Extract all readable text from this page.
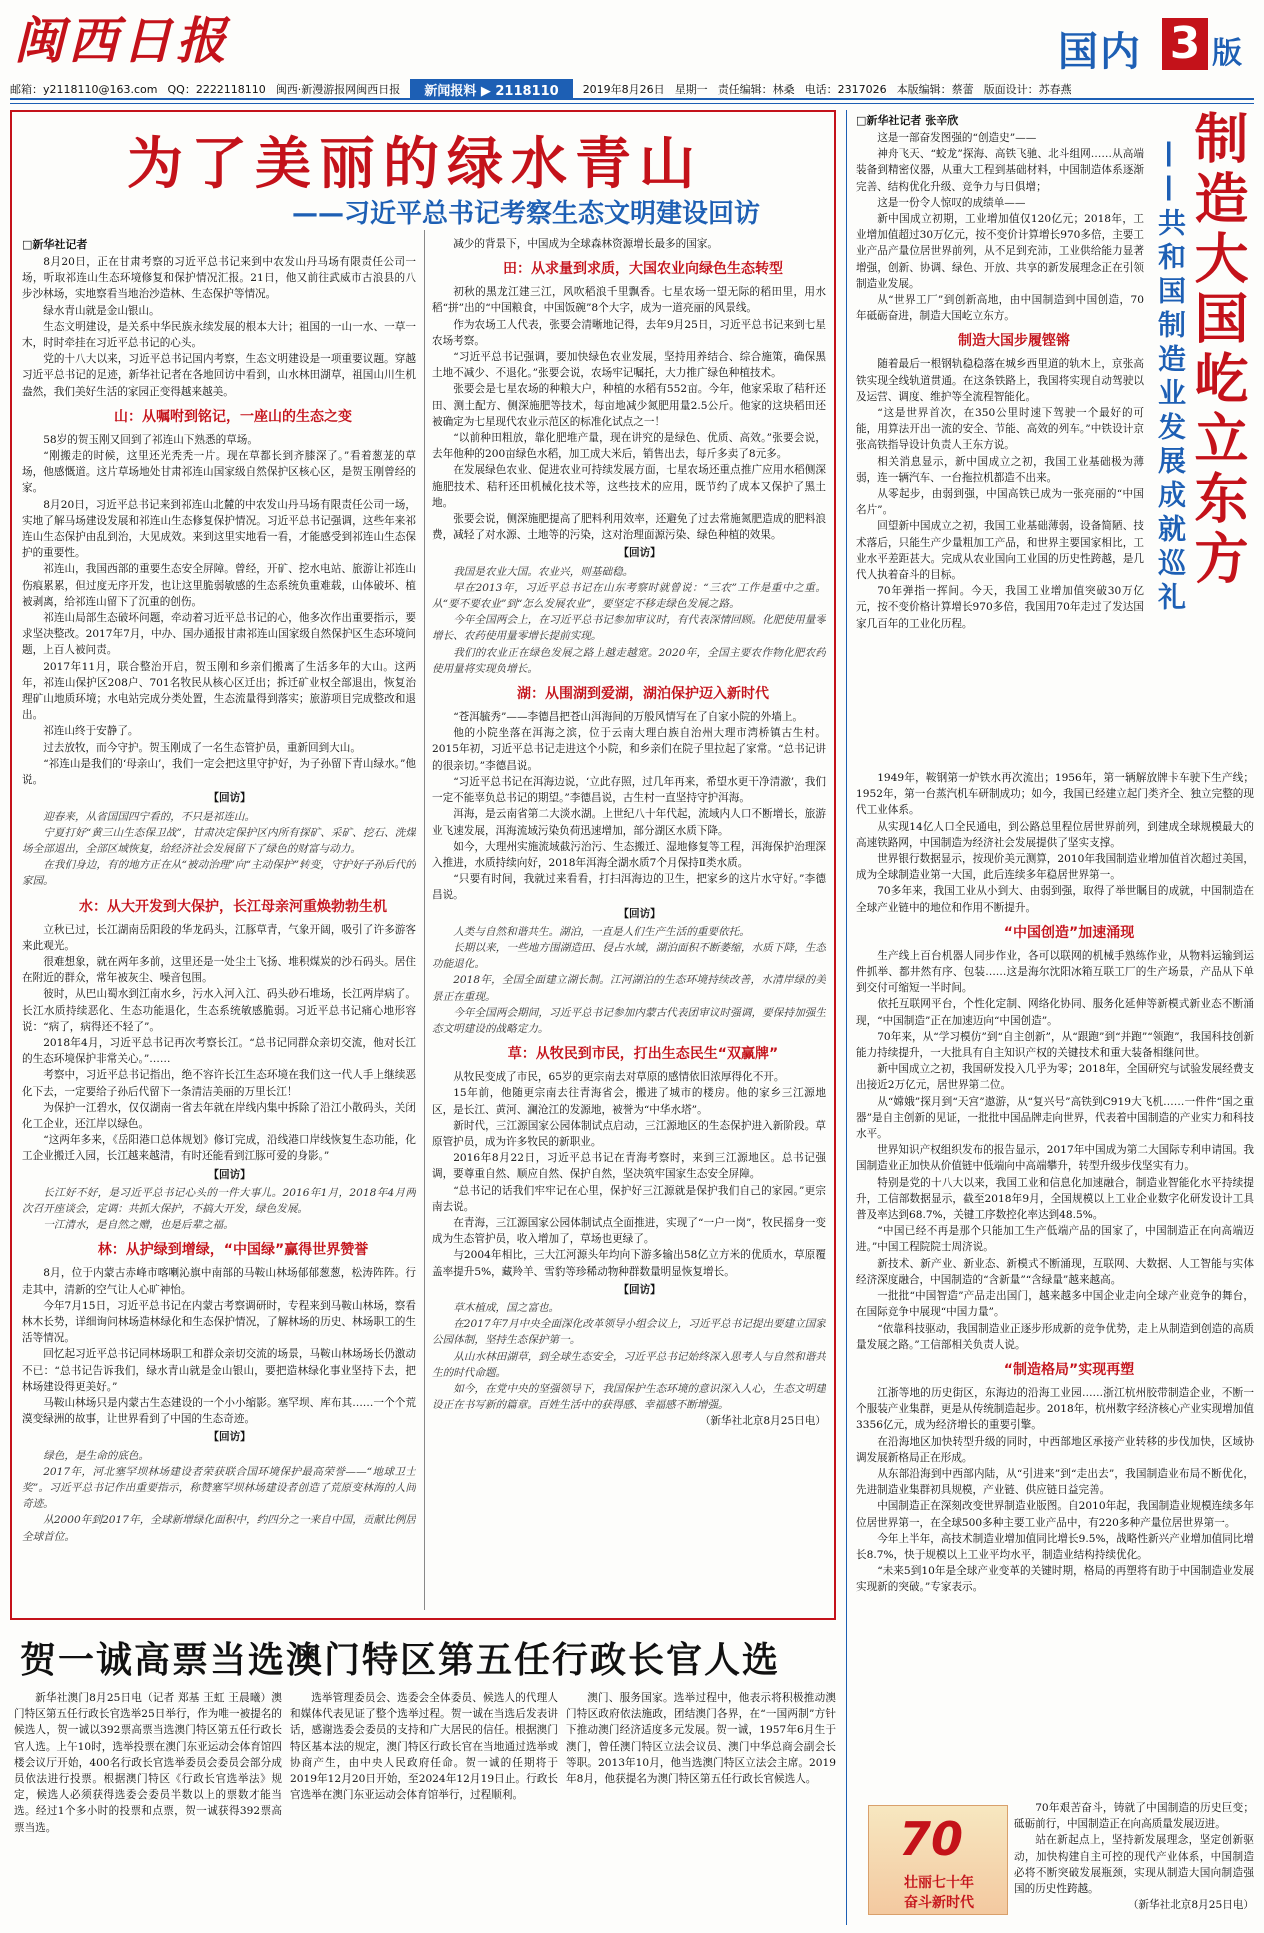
闽西日报	国内 3 版
邮箱：y2118110@163.com QQ：2222118110 闽西·新漫游报网闽西日报	新闻报料 ▶ 2118110	2019年8月26日 星期一 责任编辑：林桑 电话：2317026 本版编辑：蔡蕾 版面设计：苏春燕
为了美丽的绿水青山
——习近平总书记考察生态文明建设回访
□新华社记者

8月20日，正在甘肃考察的习近平总书记来到中农发山丹马场有限责任公司一场，听取祁连山生态环境修复和保护情况汇报。21日，他又前往武威市古浪县的八步沙林场，实地察看当地治沙造林、生态保护等情况。

绿水青山就是金山银山。

生态文明建设，是关系中华民族永续发展的根本大计；祖国的一山一水、一草一木，时时牵挂在习近平总书记的心头。

党的十八大以来，习近平总书记国内考察，生态文明建设是一项重要议题。穿越习近平总书记的足迹，新华社记者在各地回访中看到，山水林田湖草，祖国山川生机盎然，我们美好生活的家园正变得越来越美。

山：从嘱咐到铭记，一座山的生态之变

58岁的贺玉刚又回到了祁连山下熟悉的草场。

“刚搬走的时候，这里还光秃秃一片。现在草都长到齐膝深了。”看着葱茏的草场，他感慨道。这片草场地处甘肃祁连山国家级自然保护区核心区，是贺玉刚曾经的家。

8月20日，习近平总书记来到祁连山北麓的中农发山丹马场有限责任公司一场，实地了解马场建设发展和祁连山生态修复保护情况。习近平总书记强调，这些年来祁连山生态保护由乱到治，大见成效。来到这里实地看一看，才能感受到祁连山生态保护的重要性。

祁连山，我国西部的重要生态安全屏障。曾经，开矿、挖水电站、旅游让祁连山伤痕累累，但过度无序开发，也让这里脆弱敏感的生态系统负重难载，山体破坏、植被剥离，给祁连山留下了沉重的创伤。

祁连山局部生态破坏问题，牵动着习近平总书记的心，他多次作出重要指示，要求坚决整改。2017年7月，中办、国办通报甘肃祁连山国家级自然保护区生态环境问题，上百人被问责。

2017年11月，联合整治开启，贺玉刚和乡亲们搬离了生活多年的大山。这两年，祁连山保护区208户、701名牧民从核心区迁出；拆迁矿业权全部退出，恢复治理矿山地质环境；水电站完成分类处置，生态流量得到落实；旅游项目完成整改和退出。

祁连山终于安静了。

过去放牧，而今守护。贺玉刚成了一名生态管护员，重新回到大山。

“祁连山是我们的‘母亲山’，我们一定会把这里守护好，为子孙留下青山绿水。”他说。

【回访】

迎春来，从省国国四宁看的，不只是祁连山。

宁夏打好“黄三山生态保卫战”，甘肃决定保护区内所有探矿、采矿、挖石、洗煤场全部退出，全部区域恢复，给经济社会发展留下了绿色的财富与动力。

在我们身边，有的地方正在从“被动治理”向“主动保护”转变，守护好子孙后代的家园。

水：从大开发到大保护，长江母亲河重焕勃勃生机

立秋已过，长江湖南岳阳段的华龙码头，江豚草青，气象开阔，吸引了许多游客来此观光。

很难想象，就在两年多前，这里还是一处尘土飞扬、堆积煤炭的沙石码头。居住在附近的群众，常年被灰尘、噪音包围。

彼时，从巴山蜀水到江南水乡，污水入河入江、码头砂石堆场，长江两岸病了。长江水质持续恶化、生态功能退化，生态系统敏感脆弱。习近平总书记痛心地形容说：“病了，病得还不轻了”。

2018年4月，习近平总书记再次考察长江。“总书记同群众亲切交流，他对长江的生态环境保护非常关心。”……

考察中，习近平总书记指出，绝不容许长江生态环境在我们这一代人手上继续恶化下去，一定要给子孙后代留下一条清洁美丽的万里长江！

为保护一江碧水，仅仅湖南一省去年就在岸线内集中拆除了沿江小散码头，关闭化工企业，还江岸以绿色。

“这两年多来，《岳阳港口总体规划》修订完成，沿线港口岸线恢复生态功能，化工企业搬迁入园，长江越来越清，有时还能看到江豚可爱的身影。”

【回访】

长江好不好，是习近平总书记心头的一件大事儿。2016年1月，2018年4月两次召开座谈会，定调：共抓大保护，不搞大开发，绿色发展。

一江清水，是自然之赠，也是后辈之福。

林：从护绿到增绿，“中国绿”赢得世界赞誉

8月，位于内蒙古赤峰市喀喇沁旗中南部的马鞍山林场郁郁葱葱，松涛阵阵。行走其中，清新的空气让人心旷神怡。

今年7月15日，习近平总书记在内蒙古考察调研时，专程来到马鞍山林场，察看林木长势，详细询问林场造林绿化和生态保护情况，了解林场的历史、林场职工的生活等情况。

回忆起习近平总书记同林场职工和群众亲切交流的场景，马鞍山林场场长仍激动不已：“总书记告诉我们，绿水青山就是金山银山，要把造林绿化事业坚持下去，把林场建设得更美好。”

马鞍山林场只是内蒙古生态建设的一个小小缩影。塞罕坝、库布其……一个个荒漠变绿洲的故事，让世界看到了中国的生态奇迹。

【回访】

绿色，是生命的底色。

2017年，河北塞罕坝林场建设者荣获联合国环境保护最高荣誉——“地球卫士奖”。习近平总书记作出重要指示，称赞塞罕坝林场建设者创造了荒原变林海的人间奇迹。

从2000年到2017年，全球新增绿化面积中，约四分之一来自中国，贡献比例居全球首位。

减少的背景下，中国成为全球森林资源增长最多的国家。

田：从求量到求质，大国农业向绿色生态转型

初秋的黑龙江建三江，风吹稻浪千里飘香。七星农场一望无际的稻田里，用水稻“拼”出的“中国粮食，中国饭碗”8个大字，成为一道亮丽的风景线。

作为农场工人代表，张要会清晰地记得，去年9月25日，习近平总书记来到七星农场考察。

“习近平总书记强调，要加快绿色农业发展，坚持用养结合、综合施策，确保黑土地不减少、不退化。”张要会说，农场牢记嘱托，大力推广绿色种植技术。

张要会是七星农场的种粮大户，种植的水稻有552亩。今年，他家采取了秸秆还田、测土配方、侧深施肥等技术，每亩地减少氮肥用量2.5公斤。他家的这块稻田还被确定为七星现代农业示范区的标准化试点之一！

“以前种田粗放，靠化肥堆产量，现在讲究的是绿色、优质、高效。”张要会说，去年他种的200亩绿色水稻，加工成大米后，销售出去，每斤多卖了8元多。

在发展绿色农业、促进农业可持续发展方面，七星农场还重点推广应用水稻侧深施肥技术、秸秆还田机械化技术等，这些技术的应用，既节约了成本又保护了黑土地。

张要会说，侧深施肥提高了肥料利用效率，还避免了过去常施氮肥造成的肥料浪费，减轻了对水源、土地等的污染，这对治理面源污染、绿色种植的效果。

【回访】

我国是农业大国。农业兴，则基础稳。

早在2013年，习近平总书记在山东考察时就曾说：“三农”工作是重中之重。从“要不要农业”到“怎么发展农业”，要坚定不移走绿色发展之路。

今年全国两会上，在习近平总书记参加审议时，有代表深情回顾。化肥使用量零增长、农药使用量零增长提前实现。

我们的农业正在绿色发展之路上越走越宽。2020年，全国主要农作物化肥农药使用量将实现负增长。

湖：从围湖到爱湖，湖泊保护迈入新时代

“苍洱毓秀”——李德昌把苍山洱海间的万般风情写在了自家小院的外墙上。

他的小院坐落在洱海之滨，位于云南大理白族自治州大理市湾桥镇古生村。2015年初，习近平总书记走进这个小院，和乡亲们在院子里拉起了家常。“总书记讲的很亲切。”李德昌说。

“习近平总书记在洱海边说，‘立此存照，过几年再来，希望水更干净清澈’，我们一定不能辜负总书记的期望。”李德昌说，古生村一直坚持守护洱海。

洱海，是云南省第二大淡水湖。上世纪八十年代起，流域内人口不断增长，旅游业飞速发展，洱海流域污染负荷迅速增加，部分湖区水质下降。

如今，大理州实施流域截污治污、生态搬迁、湿地修复等工程，洱海保护治理深入推进，水质持续向好，2018年洱海全湖水质7个月保持Ⅱ类水质。

“只要有时间，我就过来看看，打扫洱海边的卫生，把家乡的这片水守好。”李德昌说。

【回访】

人类与自然和谐共生。湖泊，一直是人们生产生活的重要依托。

长期以来，一些地方围湖造田、侵占水域，湖泊面积不断萎缩，水质下降，生态功能退化。

2018年，全国全面建立湖长制。江河湖泊的生态环境持续改善，水清岸绿的美景正在重现。

今年全国两会期间，习近平总书记参加内蒙古代表团审议时强调，要保持加强生态文明建设的战略定力。

草：从牧民到市民，打出生态民生“双赢牌”

从牧民变成了市民，65岁的更宗南去对草原的感情依旧浓厚得化不开。

15年前，他随更宗南去往青海省会，搬进了城市的楼房。他的家乡三江源地区，是长江、黄河、澜沧江的发源地，被誉为“中华水塔”。

新时代，三江源国家公园体制试点启动，三江源地区的生态保护进入新阶段。草原管护员，成为许多牧民的新职业。

2016年8月22日，习近平总书记在青海考察时，来到三江源地区。总书记强调，要尊重自然、顺应自然、保护自然，坚决筑牢国家生态安全屏障。

“总书记的话我们牢牢记在心里，保护好三江源就是保护我们自己的家园。”更宗南去说。

在青海，三江源国家公园体制试点全面推进，实现了“一户一岗”，牧民摇身一变成为生态管护员，收入增加了，草场也更绿了。

与2004年相比，三大江河源头年均向下游多输出58亿立方米的优质水，草原覆盖率提升5%，藏羚羊、雪豹等珍稀动物种群数量明显恢复增长。

【回访】

草木植成，国之富也。

在2017年7月中央全面深化改革领导小组会议上，习近平总书记提出要建立国家公园体制，坚持生态保护第一。

从山水林田湖草，到全球生态安全，习近平总书记始终深入思考人与自然和谐共生的时代命题。

如今，在党中央的坚强领导下，我国保护生态环境的意识深入人心，生态文明建设正在书写新的篇章。百姓生活中的获得感、幸福感不断增强。

（新华社北京8月25日电）

贺一诚高票当选澳门特区第五任行政长官人选

新华社澳门8月25日电（记者 郑基 王虹 王晨曦）澳门特区第五任行政长官选举25日举行，作为唯一被提名的候选人，贺一诚以392票高票当选澳门特区第五任行政长官人选。上午10时，选举投票在澳门东亚运动会体育馆四楼会议厅开始，400名行政长官选举委员会委员会部分成员依法进行投票。根据澳门特区《行政长官选举法》规定，候选人必须获得选委会委员半数以上的票数才能当选。经过1个多小时的投票和点票，贺一诚获得392票高票当选。

选举管理委员会、选委会全体委员、候选人的代理人和媒体代表见证了整个选举过程。贺一诚在当选后发表讲话，感谢选委会委员的支持和广大居民的信任。根据澳门特区基本法的规定，澳门特区行政长官在当地通过选举或协商产生，由中央人民政府任命。贺一诚的任期将于2019年12月20日开始，至2024年12月19日止。行政长官选举在澳门东亚运动会体育馆举行，过程顺利。

澳门、服务国家。选举过程中，他表示将积极推动澳门特区政府依法施政，团结澳门各界，在“一国两制”方针下推动澳门经济适度多元发展。贺一诚，1957年6月生于澳门，曾任澳门特区立法会议员、澳门中华总商会副会长等职。2013年10月，他当选澳门特区立法会主席。2019年8月，他获提名为澳门特区第五任行政长官候选人。

□新华社记者 张辛欣	制造大国屹立东方
——共和国制造业发展成就巡礼

这是一部奋发图强的“创造史”——

神舟飞天、“蛟龙”探海、高铁飞驰、北斗组网……从高端装备到精密仪器，从重大工程到基础材料，中国制造体系逐渐完善、结构优化升级、竞争力与日俱增；

这是一份令人惊叹的成绩单——

新中国成立初期，工业增加值仅120亿元；2018年，工业增加值超过30万亿元，按不变价计算增长970多倍，主要工业产品产量位居世界前列，从不足到充沛，工业供给能力显著增强，创新、协调、绿色、开放、共享的新发展理念正在引领制造业发展。

从“世界工厂”到创新高地，由中国制造到中国创造，70年砥砺奋进，制造大国屹立东方。

制造大国步履铿锵

随着最后一根钢轨稳稳落在城乡西里道的轨木上，京张高铁实现全线轨道贯通。在这条铁路上，我国将实现自动驾驶以及运营、调度、维护等全流程智能化。

“这是世界首次，在350公里时速下驾驶一个最好的可能，用算法开出一流的安全、节能、高效的列车。”中铁设计京张高铁指导设计负责人王东方说。

相关消息显示，新中国成立之初，我国工业基础极为薄弱，连一辆汽车、一台拖拉机都造不出来。

从零起步，由弱到强，中国高铁已成为一张亮丽的“中国名片”。

回望新中国成立之初，我国工业基础薄弱，设备简陋、技术落后，只能生产少量粗加工产品，和世界主要国家相比，工业水平差距甚大。完成从农业国向工业国的历史性跨越，是几代人执着奋斗的目标。

70年弹指一挥间。今天，我国工业增加值突破30万亿元，按不变价格计算增长970多倍，我国用70年走过了发达国家几百年的工业化历程。

1949年，鞍钢第一炉铁水再次流出；1956年，第一辆解放牌卡车驶下生产线；1952年，第一台蒸汽机车研制成功；如今，我国已经建立起门类齐全、独立完整的现代工业体系。

从实现14亿人口全民通电，到公路总里程位居世界前列，到建成全球规模最大的高速铁路网，中国制造为经济社会发展提供了坚实支撑。

世界银行数据显示，按现价美元测算，2010年我国制造业增加值首次超过美国，成为全球制造业第一大国，此后连续多年稳居世界第一。

70多年来，我国工业从小到大、由弱到强，取得了举世瞩目的成就，中国制造在全球产业链中的地位和作用不断提升。

“中国创造”加速涌现

生产线上百台机器人同步作业，各可以联网的机械手熟练作业，从物料运输到运件抓举、都井然有序、包装……这是海尔沈阳冰箱互联工厂的生产场景，产品从下单到交付可缩短一半时间。

依托互联网平台，个性化定制、网络化协同、服务化延伸等新模式新业态不断涌现，“中国制造”正在加速迈向“中国创造”。

70年来，从“学习模仿”到“自主创新”，从“跟跑”到“并跑”“领跑”，我国科技创新能力持续提升，一大批具有自主知识产权的关键技术和重大装备相继问世。

新中国成立之初，我国研发投入几乎为零；2018年，全国研究与试验发展经费支出接近2万亿元，居世界第二位。

从“嫦娥”探月到“天宫”遨游，从“复兴号”高铁到C919大飞机……一件件“国之重器”是自主创新的见证，一批批中国品牌走向世界，代表着中国制造的产业实力和科技水平。

世界知识产权组织发布的报告显示，2017年中国成为第二大国际专利申请国。我国制造业正加快从价值链中低端向中高端攀升，转型升级步伐坚实有力。

特别是党的十八大以来，我国工业和信息化加速融合，制造业智能化水平持续提升，工信部数据显示，截至2018年9月，全国规模以上工业企业数字化研发设计工具普及率达到68.7%，关键工序数控化率达到48.5%。

“中国已经不再是那个只能加工生产低端产品的国家了，中国制造正在向高端迈进。”中国工程院院士周济说。

新技术、新产业、新业态、新模式不断涌现，互联网、大数据、人工智能与实体经济深度融合，中国制造的“含新量”“含绿量”越来越高。

一批批“中国智造”产品走出国门，越来越多中国企业走向全球产业竞争的舞台，在国际竞争中展现“中国力量”。

“依靠科技驱动，我国制造业正逐步形成新的竞争优势，走上从制造到创造的高质量发展之路。”工信部相关负责人说。

“制造格局”实现再塑

江浙等地的历史街区，东海边的沿海工业园……浙江杭州胶带制造企业，不断一个服装产业集群，更是从传统制造起步。2018年，杭州数字经济核心产业实现增加值3356亿元，成为经济增长的重要引擎。

在沿海地区加快转型升级的同时，中西部地区承接产业转移的步伐加快，区域协调发展新格局正在形成。

从东部沿海到中西部内陆，从“引进来”到“走出去”，我国制造业布局不断优化，先进制造业集群初具规模，产业链、供应链日益完善。

中国制造正在深刻改变世界制造业版图。自2010年起，我国制造业规模连续多年位居世界第一，在全球500多种主要工业产品中，有220多种产量位居世界第一。

今年上半年，高技术制造业增加值同比增长9.5%，战略性新兴产业增加值同比增长8.7%，快于规模以上工业平均水平，制造业结构持续优化。

“未来5到10年是全球产业变革的关键时期，格局的再塑将有助于中国制造业发展实现新的突破。”专家表示。

70年艰苦奋斗，铸就了中国制造的历史巨变；砥砺前行，中国制造正在向高质量发展迈进。

站在新起点上，坚持新发展理念，坚定创新驱动，加快构建自主可控的现代产业体系，中国制造必将不断突破发展瓶颈，实现从制造大国向制造强国的历史性跨越。

（新华社北京8月25日电）

70
壮丽七十年
奋斗新时代
